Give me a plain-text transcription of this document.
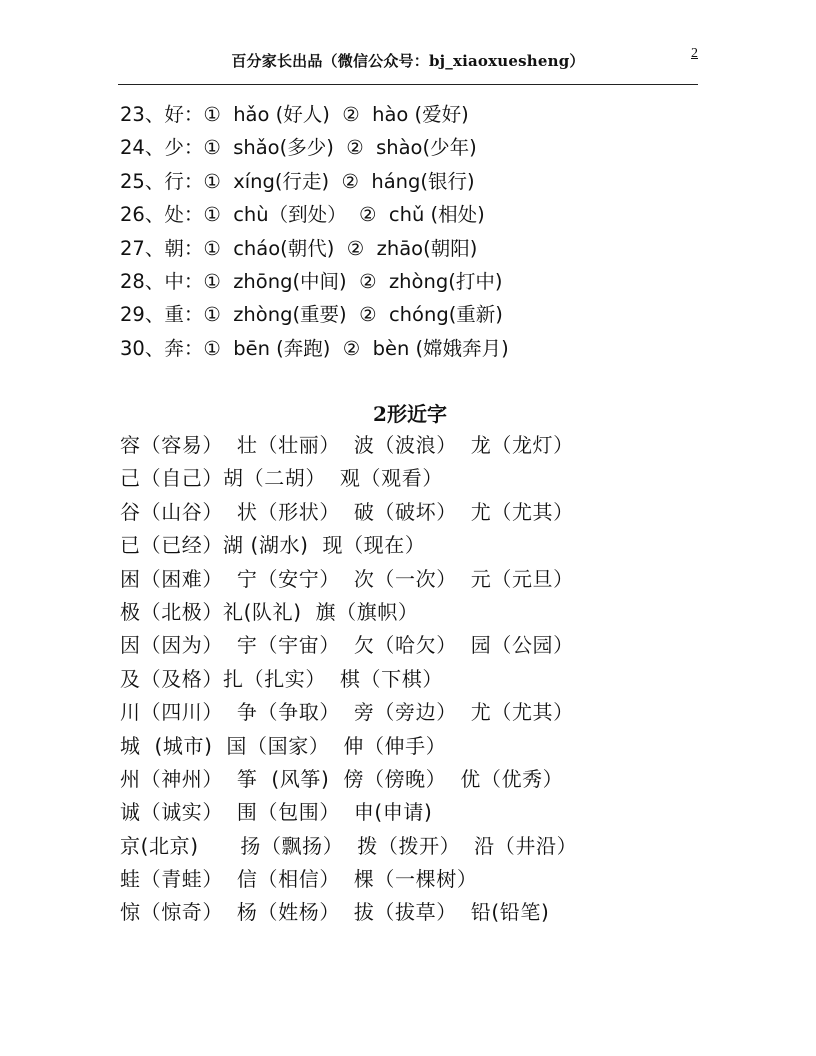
百分家长出品（微信公众号：bj_xiaoxuesheng）	2
23、好：①  hǎo (好人)  ②  hào (爱好)
24、少：①  shǎo(多少)  ②  shào(少年)
25、行：①  xíng(行走)  ②  háng(银行)
26、处：①  chù（到处）  ②  chǔ (相处)
27、朝：①  cháo(朝代)  ②  zhāo(朝阳)
28、中：①  zhōng(中间)  ②  zhòng(打中)
29、重：①  zhòng(重要)  ②  chóng(重新)
30、奔：①  bēn (奔跑)  ②  bèn (嫦娥奔月)
2形近字
容（容易）  壮（壮丽）  波（波浪）  龙（龙灯）
己（自己）胡（二胡）  观（观看）
谷（山谷）  状（形状）  破（破坏）  尤（尤其）
已（已经）湖 (湖水)  现（现在）
困（困难）  宁（安宁）  次（一次）  元（元旦）
极（北极）礼(队礼)  旗（旗帜）
因（因为）  宇（宇宙）  欠（哈欠）  园（公园）
及（及格）扎（扎实）  棋（下棋）
川（四川）  争（争取）  旁（旁边）  尤（尤其）
城  (城市)  国（国家）  伸（伸手）
州（神州）  筝  (风筝)  傍（傍晚）  优（优秀）
诚（诚实）  围（包围）  申(申请)
京(北京)      扬（飘扬）  拨（拨开）  沿（井沿）
蛙（青蛙）  信（相信）  棵（一棵树）
惊（惊奇）  杨（姓杨）  拔（拔草）  铅(铅笔)
